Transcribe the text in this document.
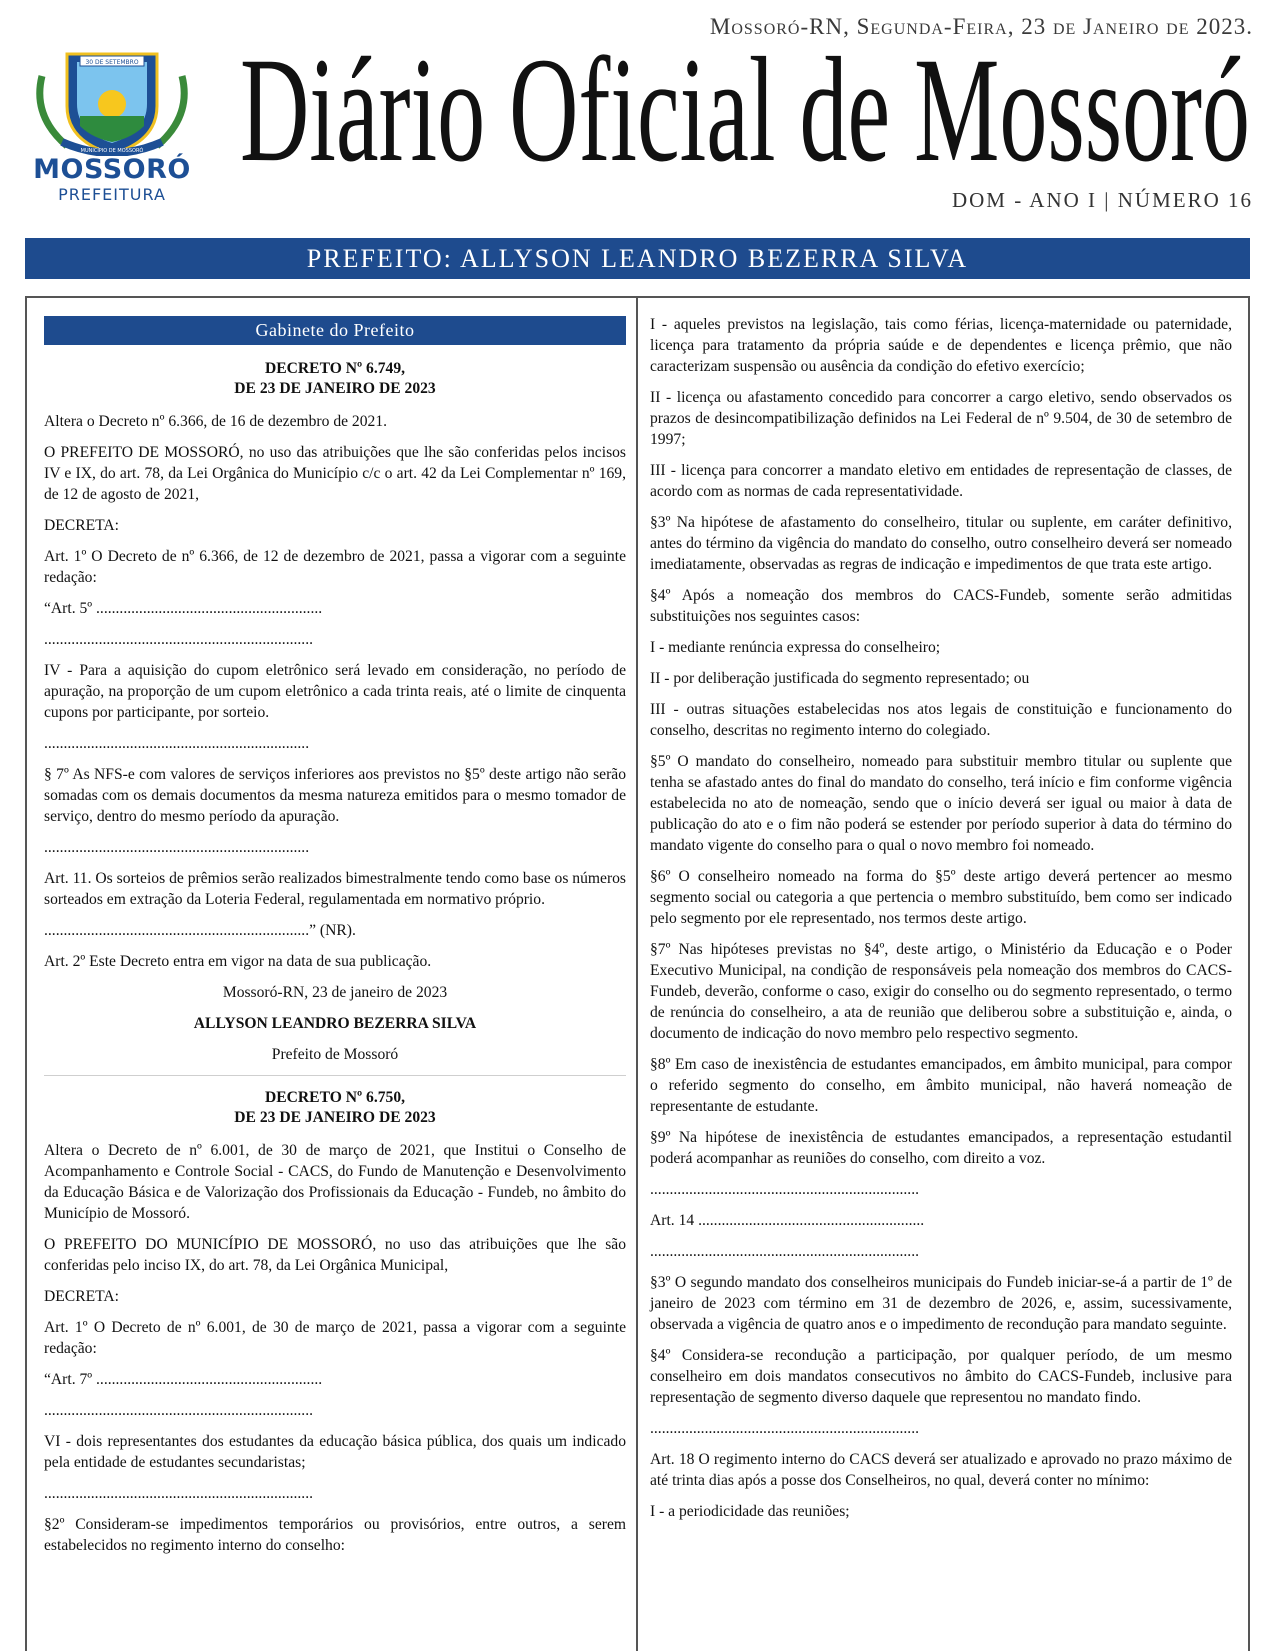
Mossoró-RN, Segunda-Feira, 23 de Janeiro de 2023.
30 DE SETEMBRO
MUNICÍPIO DE MOSSORÓ
MOSSORÓ
PREFEITURA
Diário Oficial de Mossoró
DOM - ANO I | NÚMERO 16
PREFEITO: ALLYSON LEANDRO BEZERRA SILVA
Gabinete do Prefeito
DECRETO Nº 6.749,
DE 23 DE JANEIRO DE 2023

Altera o Decreto nº 6.366, de 16 de dezembro de 2021.

O PREFEITO DE MOSSORÓ, no uso das atribuições que lhe são conferidas pelos incisos IV e IX, do art. 78, da Lei Orgânica do Município c/c o art. 42 da Lei Complementar nº 169, de 12 de agosto de 2021,

DECRETA:

Art. 1º O Decreto de nº 6.366, de 12 de dezembro de 2021, passa a vigorar com a seguinte redação:

“Art. 5º ..........................................................

.....................................................................

IV - Para a aquisição do cupom eletrônico será levado em consideração, no período de apuração, na proporção de um cupom eletrônico a cada trinta reais, até o limite de cinquenta cupons por participante, por sorteio.

....................................................................

§ 7º As NFS-e com valores de serviços inferiores aos previstos no §5º deste artigo não serão somadas com os demais documentos da mesma natureza emitidos para o mesmo tomador de serviço, dentro do mesmo período da apuração.

....................................................................

Art. 11. Os sorteios de prêmios serão realizados bimestralmente tendo como base os números sorteados em extração da Loteria Federal, regulamentada em normativo próprio.

....................................................................” (NR).

Art. 2º Este Decreto entra em vigor na data de sua publicação.

Mossoró-RN, 23 de janeiro de 2023

ALLYSON LEANDRO BEZERRA SILVA

Prefeito de Mossoró

DECRETO Nº 6.750,
DE 23 DE JANEIRO DE 2023

Altera o Decreto de nº 6.001, de 30 de março de 2021, que Institui o Conselho de Acompanhamento e Controle Social - CACS, do Fundo de Manutenção e Desenvolvimento da Educação Básica e de Valorização dos Profissionais da Educação - Fundeb, no âmbito do Município de Mossoró.

O PREFEITO DO MUNICÍPIO DE MOSSORÓ, no uso das atribuições que lhe são conferidas pelo inciso IX, do art. 78, da Lei Orgânica Municipal,

DECRETA:

Art. 1º O Decreto de nº 6.001, de 30 de março de 2021, passa a vigorar com a seguinte redação:

“Art. 7º ..........................................................

.....................................................................

VI - dois representantes dos estudantes da educação básica pública, dos quais um indicado pela entidade de estudantes secundaristas;

.....................................................................

§2º Consideram-se impedimentos temporários ou provisórios, entre outros, a serem estabelecidos no regimento interno do conselho:

I - aqueles previstos na legislação, tais como férias, licença-maternidade ou paternidade, licença para tratamento da própria saúde e de dependentes e licença prêmio, que não caracterizam suspensão ou ausência da condição do efetivo exercício;

II - licença ou afastamento concedido para concorrer a cargo eletivo, sendo observados os prazos de desincompatibilização definidos na Lei Federal de nº 9.504, de 30 de setembro de 1997;

III - licença para concorrer a mandato eletivo em entidades de representação de classes, de acordo com as normas de cada representatividade.

§3º Na hipótese de afastamento do conselheiro, titular ou suplente, em caráter definitivo, antes do término da vigência do mandato do conselho, outro conselheiro deverá ser nomeado imediatamente, observadas as regras de indicação e impedimentos de que trata este artigo.

§4º Após a nomeação dos membros do CACS-Fundeb, somente serão admitidas substituições nos seguintes casos:

I - mediante renúncia expressa do conselheiro;

II - por deliberação justificada do segmento representado; ou

III - outras situações estabelecidas nos atos legais de constituição e funcionamento do conselho, descritas no regimento interno do colegiado.

§5º O mandato do conselheiro, nomeado para substituir membro titular ou suplente que tenha se afastado antes do final do mandato do conselho, terá início e fim conforme vigência estabelecida no ato de nomeação, sendo que o início deverá ser igual ou maior à data de publicação do ato e o fim não poderá se estender por período superior à data do término do mandato vigente do conselho para o qual o novo membro foi nomeado.

§6º O conselheiro nomeado na forma do §5º deste artigo deverá pertencer ao mesmo segmento social ou categoria a que pertencia o membro substituído, bem como ser indicado pelo segmento por ele representado, nos termos deste artigo.

§7º Nas hipóteses previstas no §4º, deste artigo, o Ministério da Educação e o Poder Executivo Municipal, na condição de responsáveis pela nomeação dos membros do CACS-Fundeb, deverão, conforme o caso, exigir do conselho ou do segmento representado, o termo de renúncia do conselheiro, a ata de reunião que deliberou sobre a substituição e, ainda, o documento de indicação do novo membro pelo respectivo segmento.

§8º Em caso de inexistência de estudantes emancipados, em âmbito municipal, para compor o referido segmento do conselho, em âmbito municipal, não haverá nomeação de representante de estudante.

§9º Na hipótese de inexistência de estudantes emancipados, a representação estudantil poderá acompanhar as reuniões do conselho, com direito a voz.

.....................................................................

Art. 14 ..........................................................

.....................................................................

§3º O segundo mandato dos conselheiros municipais do Fundeb iniciar-se-á a partir de 1º de janeiro de 2023 com término em 31 de dezembro de 2026, e, assim, sucessivamente, observada a vigência de quatro anos e o impedimento de recondução para mandato seguinte.

§4º Considera-se recondução a participação, por qualquer período, de um mesmo conselheiro em dois mandatos consecutivos no âmbito do CACS-Fundeb, inclusive para representação de segmento diverso daquele que representou no mandato findo.

.....................................................................

Art. 18 O regimento interno do CACS deverá ser atualizado e aprovado no prazo máximo de até trinta dias após a posse dos Conselheiros, no qual, deverá conter no mínimo:

I - a periodicidade das reuniões;
